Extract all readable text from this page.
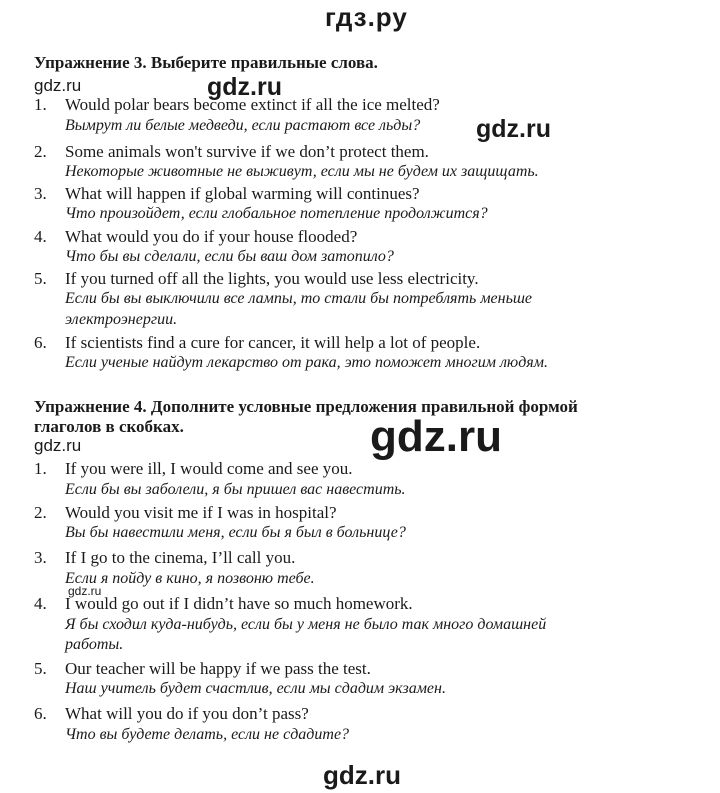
гдз.ру
Упражнение 3. Выберите правильные слова.
gdz.ru	gdz.ru
gdz.ru
1.	Would polar bears become extinct if all the ice melted?
Вымрут ли белые медведи, если растают все льды?
2.	Some animals won't survive if we don’t protect them.
Некоторые животные не выживут, если мы не будем их защищать.
3.	What will happen if global warming will continues?
Что произойдет, если глобальное потепление продолжится?
4.	What would you do if your house flooded?
Что бы вы сделали, если бы ваш дом затопило?
5.	If you turned off all the lights, you would use less electricity.
Если бы вы выключили все лампы, то стали бы потреблять меньше
электроэнергии.
6.	If scientists find a cure for cancer, it will help a lot of people.
Если ученые найдут лекарство от рака, это поможет многим людям.
Упражнение 4. Дополните условные предложения правильной формой
глаголов в скобках.	gdz.ru
gdz.ru
1.	If you were ill, I would come and see you.
Если бы вы заболели, я бы пришел вас навестить.
2.	Would you visit me if I was in hospital?
Вы бы навестили меня, если бы я был в больнице?
3.	If I go to the cinema, I’ll call you.
Если я пойду в кино, я позвоню тебе.
gdz.ru
4.	I would go out if I didn’t have so much homework.
Я бы сходил куда-нибудь, если бы у меня не было так много домашней
работы.
5.	Our teacher will be happy if we pass the test.
Наш учитель будет счастлив, если мы сдадим экзамен.
6.	What will you do if you don’t pass?
Что вы будете делать, если не сдадите?
gdz.ru
